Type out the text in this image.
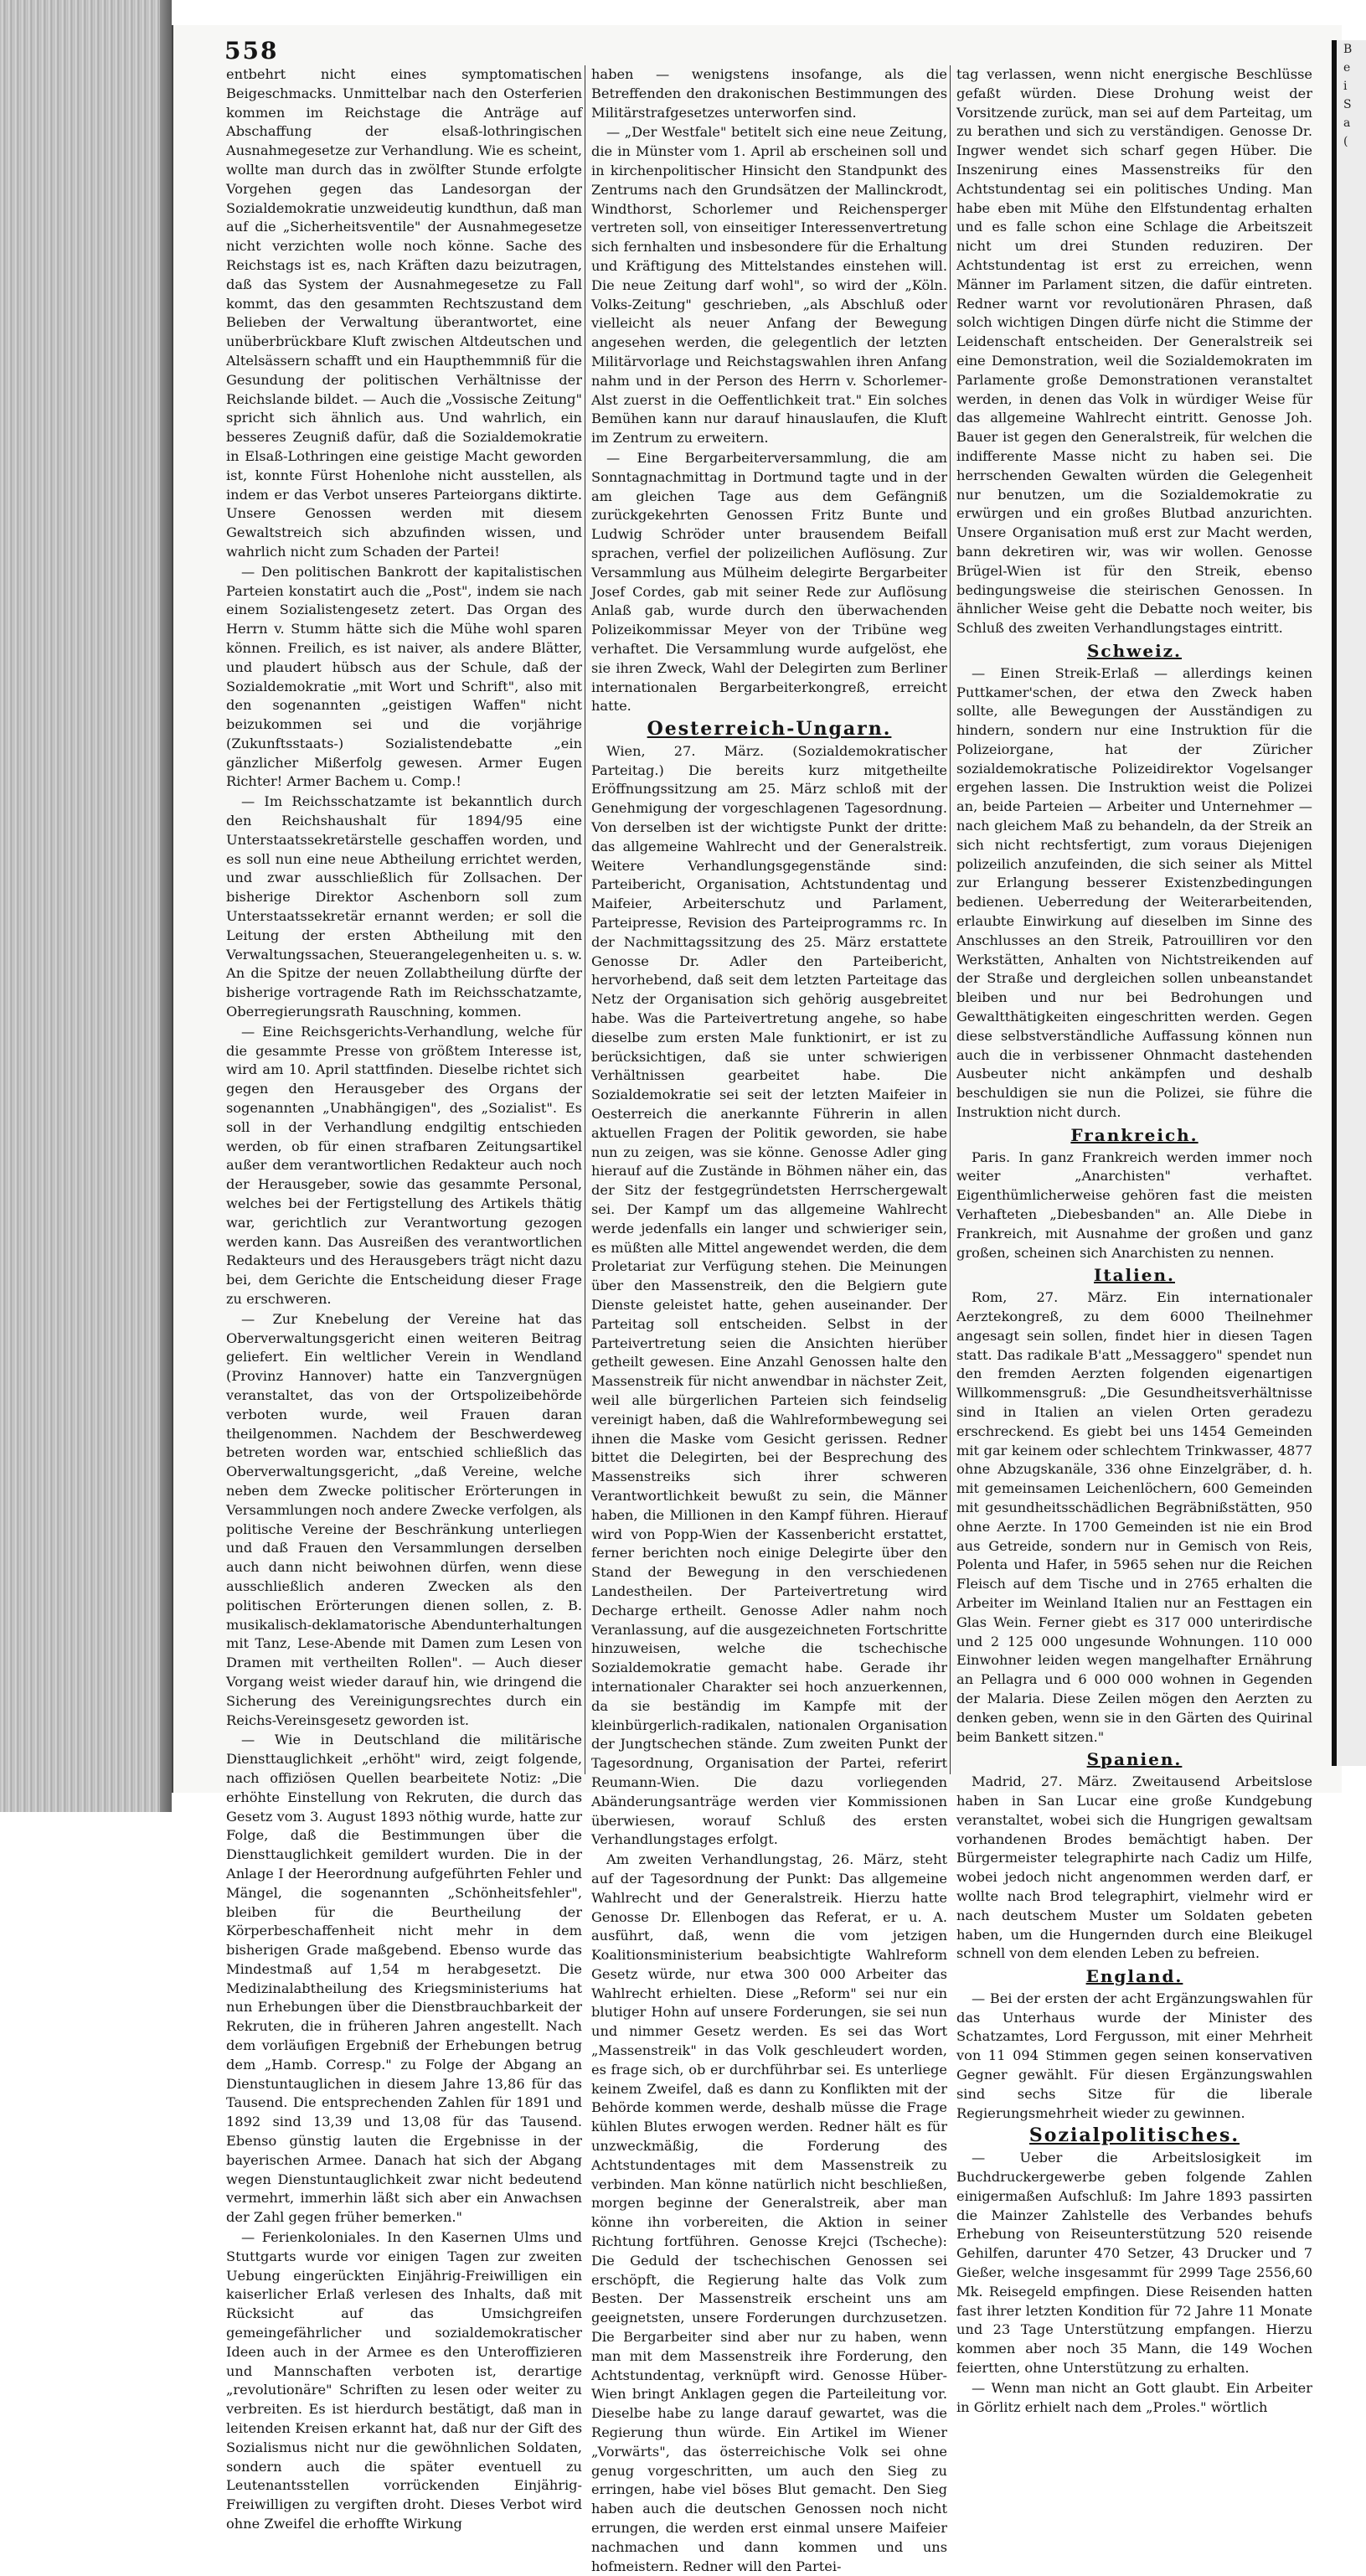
B
e
i
S
a
(
558

entbehrt nicht eines symptomatischen Beigeschmacks. Unmittelbar nach den Osterferien kommen im Reichstage die Anträge auf Abschaffung der elsaß-lothringischen Ausnahmegesetze zur Verhandlung. Wie es scheint, wollte man durch das in zwölfter Stunde erfolgte Vorgehen gegen das Landesorgan der Sozialdemokratie unzweideutig kundthun, daß man auf die „Sicherheitsventile" der Ausnahmegesetze nicht verzichten wolle noch könne. Sache des Reichstags ist es, nach Kräften dazu beizutragen, daß das System der Ausnahmegesetze zu Fall kommt, das den gesammten Rechtszustand dem Belieben der Verwaltung überantwortet, eine unüberbrückbare Kluft zwischen Altdeutschen und Altelsässern schafft und ein Haupthemmniß für die Gesundung der politischen Verhältnisse der Reichslande bildet. — Auch die „Vossische Zeitung" spricht sich ähnlich aus. Und wahrlich, ein besseres Zeugniß dafür, daß die Sozialdemokratie in Elsaß-Lothringen eine geistige Macht geworden ist, konnte Fürst Hohenlohe nicht ausstellen, als indem er das Verbot unseres Parteiorgans diktirte. Unsere Genossen werden mit diesem Gewaltstreich sich abzufinden wissen, und wahrlich nicht zum Schaden der Partei!

— Den politischen Bankrott der kapitalistischen Parteien konstatirt auch die „Post", indem sie nach einem Sozialistengesetz zetert. Das Organ des Herrn v. Stumm hätte sich die Mühe wohl sparen können. Freilich, es ist naiver, als andere Blätter, und plaudert hübsch aus der Schule, daß der Sozialdemokratie „mit Wort und Schrift", also mit den sogenannten „geistigen Waffen" nicht beizukommen sei und die vorjährige (Zukunftsstaats-) Sozialistendebatte „ein gänzlicher Mißerfolg gewesen. Armer Eugen Richter! Armer Bachem u. Comp.!

— Im Reichsschatzamte ist bekanntlich durch den Reichshaushalt für 1894/95 eine Unterstaatssekretärstelle geschaffen worden, und es soll nun eine neue Abtheilung errichtet werden, und zwar ausschließlich für Zollsachen. Der bisherige Direktor Aschenborn soll zum Unterstaatssekretär ernannt werden; er soll die Leitung der ersten Abtheilung mit den Verwaltungssachen, Steuerangelegenheiten u. s. w. An die Spitze der neuen Zollabtheilung dürfte der bisherige vortragende Rath im Reichsschatzamte, Oberregierungsrath Rauschning, kommen.

— Eine Reichsgerichts-Verhandlung, welche für die gesammte Presse von größtem Interesse ist, wird am 10. April stattfinden. Dieselbe richtet sich gegen den Herausgeber des Organs der sogenannten „Unabhängigen", des „Sozialist". Es soll in der Verhandlung endgiltig entschieden werden, ob für einen strafbaren Zeitungsartikel außer dem verantwortlichen Redakteur auch noch der Herausgeber, sowie das gesammte Personal, welches bei der Fertigstellung des Artikels thätig war, gerichtlich zur Verantwortung gezogen werden kann. Das Ausreißen des verantwortlichen Redakteurs und des Herausgebers trägt nicht dazu bei, dem Gerichte die Entscheidung dieser Frage zu erschweren.

— Zur Knebelung der Vereine hat das Oberverwaltungsgericht einen weiteren Beitrag geliefert. Ein weltlicher Verein in Wendland (Provinz Hannover) hatte ein Tanzvergnügen veranstaltet, das von der Ortspolizeibehörde verboten wurde, weil Frauen daran theilgenommen. Nachdem der Beschwerdeweg betreten worden war, entschied schließlich das Oberverwaltungsgericht, „daß Vereine, welche neben dem Zwecke politischer Erörterungen in Versammlungen noch andere Zwecke verfolgen, als politische Vereine der Beschränkung unterliegen und daß Frauen den Versammlungen derselben auch dann nicht beiwohnen dürfen, wenn diese ausschließlich anderen Zwecken als den politischen Erörterungen dienen sollen, z. B. musikalisch-deklamatorische Abendunterhaltungen mit Tanz, Lese-Abende mit Damen zum Lesen von Dramen mit vertheilten Rollen". — Auch dieser Vorgang weist wieder darauf hin, wie dringend die Sicherung des Vereinigungsrechtes durch ein Reichs-Vereinsgesetz geworden ist.

— Wie in Deutschland die militärische Diensttauglichkeit „erhöht" wird, zeigt folgende, nach offiziösen Quellen bearbeitete Notiz: „Die erhöhte Einstellung von Rekruten, die durch das Gesetz vom 3. August 1893 nöthig wurde, hatte zur Folge, daß die Bestimmungen über die Diensttauglichkeit gemildert wurden. Die in der Anlage I der Heerordnung aufgeführten Fehler und Mängel, die sogenannten „Schönheitsfehler", bleiben für die Beurtheilung der Körperbeschaffenheit nicht mehr in dem bisherigen Grade maßgebend. Ebenso wurde das Mindestmaß auf 1,54 m herabgesetzt. Die Medizinalabtheilung des Kriegsministeriums hat nun Erhebungen über die Dienstbrauchbarkeit der Rekruten, die in früheren Jahren angestellt. Nach dem vorläufigen Ergebniß der Erhebungen betrug dem „Hamb. Corresp." zu Folge der Abgang an Dienstuntauglichen in diesem Jahre 13,86 für das Tausend. Die entsprechenden Zahlen für 1891 und 1892 sind 13,39 und 13,08 für das Tausend. Ebenso günstig lauten die Ergebnisse in der bayerischen Armee. Danach hat sich der Abgang wegen Dienstuntauglichkeit zwar nicht bedeutend vermehrt, immerhin läßt sich aber ein Anwachsen der Zahl gegen früher bemerken."

— Ferienkoloniales. In den Kasernen Ulms und Stuttgarts wurde vor einigen Tagen zur zweiten Uebung eingerückten Einjährig-Freiwilligen ein kaiserlicher Erlaß verlesen des Inhalts, daß mit Rücksicht auf das Umsichgreifen gemeingefährlicher und sozialdemokratischer Ideen auch in der Armee es den Unteroffizieren und Mannschaften verboten ist, derartige „revolutionäre" Schriften zu lesen oder weiter zu verbreiten. Es ist hierdurch bestätigt, daß man in leitenden Kreisen erkannt hat, daß nur der Gift des Sozialismus nicht nur die gewöhnlichen Soldaten, sondern auch die später eventuell zu Leutenantsstellen vorrückenden Einjährig-Freiwilligen zu vergiften droht. Dieses Verbot wird ohne Zweifel die erhoffte Wirkung

haben — wenigstens insofange, als die Betreffenden den drakonischen Bestimmungen des Militärstrafgesetzes unterworfen sind.

— „Der Westfale" betitelt sich eine neue Zeitung, die in Münster vom 1. April ab erscheinen soll und in kirchenpolitischer Hinsicht den Standpunkt des Zentrums nach den Grundsätzen der Mallinckrodt, Windthorst, Schorlemer und Reichensperger vertreten soll, von einseitiger Interessenvertretung sich fernhalten und insbesondere für die Erhaltung und Kräftigung des Mittelstandes einstehen will. Die neue Zeitung darf wohl", so wird der „Köln. Volks-Zeitung" geschrieben, „als Abschluß oder vielleicht als neuer Anfang der Bewegung angesehen werden, die gelegentlich der letzten Militärvorlage und Reichstagswahlen ihren Anfang nahm und in der Person des Herrn v. Schorlemer-Alst zuerst in die Oeffentlichkeit trat." Ein solches Bemühen kann nur darauf hinauslaufen, die Kluft im Zentrum zu erweitern.

— Eine Bergarbeiterversammlung, die am Sonntagnachmittag in Dortmund tagte und in der am gleichen Tage aus dem Gefängniß zurückgekehrten Genossen Fritz Bunte und Ludwig Schröder unter brausendem Beifall sprachen, verfiel der polizeilichen Auflösung. Zur Versammlung aus Mülheim delegirte Bergarbeiter Josef Cordes, gab mit seiner Rede zur Auflösung Anlaß gab, wurde durch den überwachenden Polizeikommissar Meyer von der Tribüne weg verhaftet. Die Versammlung wurde aufgelöst, ehe sie ihren Zweck, Wahl der Delegirten zum Berliner internationalen Bergarbeiterkongreß, erreicht hatte.

Oesterreich-Ungarn.

Wien, 27. März. (Sozialdemokratischer Parteitag.) Die bereits kurz mitgetheilte Eröffnungssitzung am 25. März schloß mit der Genehmigung der vorgeschlagenen Tagesordnung. Von derselben ist der wichtigste Punkt der dritte: das allgemeine Wahlrecht und der Generalstreik. Weitere Verhandlungsgegenstände sind: Parteibericht, Organisation, Achtstundentag und Maifeier, Arbeiterschutz und Parlament, Parteipresse, Revision des Parteiprogramms rc. In der Nachmittagssitzung des 25. März erstattete Genosse Dr. Adler den Parteibericht, hervorhebend, daß seit dem letzten Parteitage das Netz der Organisation sich gehörig ausgebreitet habe. Was die Parteivertretung angehe, so habe dieselbe zum ersten Male funktionirt, er ist zu berücksichtigen, daß sie unter schwierigen Verhältnissen gearbeitet habe. Die Sozialdemokratie sei seit der letzten Maifeier in Oesterreich die anerkannte Führerin in allen aktuellen Fragen der Politik geworden, sie habe nun zu zeigen, was sie könne. Genosse Adler ging hierauf auf die Zustände in Böhmen näher ein, das der Sitz der festgegründetsten Herrschergewalt sei. Der Kampf um das allgemeine Wahlrecht werde jedenfalls ein langer und schwieriger sein, es müßten alle Mittel angewendet werden, die dem Proletariat zur Verfügung stehen. Die Meinungen über den Massenstreik, den die Belgiern gute Dienste geleistet hatte, gehen auseinander. Der Parteitag soll entscheiden. Selbst in der Parteivertretung seien die Ansichten hierüber getheilt gewesen. Eine Anzahl Genossen halte den Massenstreik für nicht anwendbar in nächster Zeit, weil alle bürgerlichen Parteien sich feindselig vereinigt haben, daß die Wahlreformbewegung sei ihnen die Maske vom Gesicht gerissen. Redner bittet die Delegirten, bei der Besprechung des Massenstreiks sich ihrer schweren Verantwortlichkeit bewußt zu sein, die Männer haben, die Millionen in den Kampf führen. Hierauf wird von Popp-Wien der Kassenbericht erstattet, ferner berichten noch einige Delegirte über den Stand der Bewegung in den verschiedenen Landestheilen. Der Parteivertretung wird Decharge ertheilt. Genosse Adler nahm noch Veranlassung, auf die ausgezeichneten Fortschritte hinzuweisen, welche die tschechische Sozialdemokratie gemacht habe. Gerade ihr internationaler Charakter sei hoch anzuerkennen, da sie beständig im Kampfe mit der kleinbürgerlich-radikalen, nationalen Organisation der Jungtschechen stände. Zum zweiten Punkt der Tagesordnung, Organisation der Partei, referirt Reumann-Wien. Die dazu vorliegenden Abänderungsanträge werden vier Kommissionen überwiesen, worauf Schluß des ersten Verhandlungstages erfolgt.

Am zweiten Verhandlungstag, 26. März, steht auf der Tagesordnung der Punkt: Das allgemeine Wahlrecht und der Generalstreik. Hierzu hatte Genosse Dr. Ellenbogen das Referat, er u. A. ausführt, daß, wenn die vom jetzigen Koalitionsministerium beabsichtigte Wahlreform Gesetz würde, nur etwa 300 000 Arbeiter das Wahlrecht erhielten. Diese „Reform" sei nur ein blutiger Hohn auf unsere Forderungen, sie sei nun und nimmer Gesetz werden. Es sei das Wort „Massenstreik" in das Volk geschleudert worden, es frage sich, ob er durchführbar sei. Es unterliege keinem Zweifel, daß es dann zu Konflikten mit der Behörde kommen werde, deshalb müsse die Frage kühlen Blutes erwogen werden. Redner hält es für unzweckmäßig, die Forderung des Achtstundentages mit dem Massenstreik zu verbinden. Man könne natürlich nicht beschließen, morgen beginne der Generalstreik, aber man könne ihn vorbereiten, die Aktion in seiner Richtung fortführen. Genosse Krejci (Tscheche): Die Geduld der tschechischen Genossen sei erschöpft, die Regierung halte das Volk zum Besten. Der Massenstreik erscheint uns am geeignetsten, unsere Forderungen durchzusetzen. Die Bergarbeiter sind aber nur zu haben, wenn man mit dem Massenstreik ihre Forderung, den Achtstundentag, verknüpft wird. Genosse Hüber-Wien bringt Anklagen gegen die Parteileitung vor. Dieselbe habe zu lange darauf gewartet, was die Regierung thun würde. Ein Artikel im Wiener „Vorwärts", das österreichische Volk sei ohne genug vorgeschritten, um auch den Sieg zu erringen, habe viel böses Blut gemacht. Den Sieg haben auch die deutschen Genossen noch nicht errungen, die werden erst einmal unsere Maifeier nachmachen und dann kommen und uns hofmeistern. Redner will den Partei-

tag verlassen, wenn nicht energische Beschlüsse gefaßt würden. Diese Drohung weist der Vorsitzende zurück, man sei auf dem Parteitag, um zu berathen und sich zu verständigen. Genosse Dr. Ingwer wendet sich scharf gegen Hüber. Die Inszenirung eines Massenstreiks für den Achtstundentag sei ein politisches Unding. Man habe eben mit Mühe den Elfstundentag erhalten und es falle schon eine Schlage die Arbeitszeit nicht um drei Stunden reduziren. Der Achtstundentag ist erst zu erreichen, wenn Männer im Parlament sitzen, die dafür eintreten. Redner warnt vor revolutionären Phrasen, daß solch wichtigen Dingen dürfe nicht die Stimme der Leidenschaft entscheiden. Der Generalstreik sei eine Demonstration, weil die Sozialdemokraten im Parlamente große Demonstrationen veranstaltet werden, in denen das Volk in würdiger Weise für das allgemeine Wahlrecht eintritt. Genosse Joh. Bauer ist gegen den Generalstreik, für welchen die indifferente Masse nicht zu haben sei. Die herrschenden Gewalten würden die Gelegenheit nur benutzen, um die Sozialdemokratie zu erwürgen und ein großes Blutbad anzurichten. Unsere Organisation muß erst zur Macht werden, bann dekretiren wir, was wir wollen. Genosse Brügel-Wien ist für den Streik, ebenso bedingungsweise die steirischen Genossen. In ähnlicher Weise geht die Debatte noch weiter, bis Schluß des zweiten Verhandlungstages eintritt.

Schweiz.

— Einen Streik-Erlaß — allerdings keinen Puttkamer'schen, der etwa den Zweck haben sollte, alle Bewegungen der Ausständigen zu hindern, sondern nur eine Instruktion für die Polizeiorgane, hat der Züricher sozialdemokratische Polizeidirektor Vogelsanger ergehen lassen. Die Instruktion weist die Polizei an, beide Parteien — Arbeiter und Unternehmer — nach gleichem Maß zu behandeln, da der Streik an sich nicht rechtsfertigt, zum voraus Diejenigen polizeilich anzufeinden, die sich seiner als Mittel zur Erlangung besserer Existenzbedingungen bedienen. Ueberredung der Weiterarbeitenden, erlaubte Einwirkung auf dieselben im Sinne des Anschlusses an den Streik, Patrouilliren vor den Werkstätten, Anhalten von Nichtstreikenden auf der Straße und dergleichen sollen unbeanstandet bleiben und nur bei Bedrohungen und Gewaltthätigkeiten eingeschritten werden. Gegen diese selbstverständliche Auffassung können nun auch die in verbissener Ohnmacht dastehenden Ausbeuter nicht ankämpfen und deshalb beschuldigen sie nun die Polizei, sie führe die Instruktion nicht durch.

Frankreich.

Paris. In ganz Frankreich werden immer noch weiter „Anarchisten" verhaftet. Eigenthümlicherweise gehören fast die meisten Verhafteten „Diebesbanden" an. Alle Diebe in Frankreich, mit Ausnahme der großen und ganz großen, scheinen sich Anarchisten zu nennen.

Italien.

Rom, 27. März. Ein internationaler Aerztekongreß, zu dem 6000 Theilnehmer angesagt sein sollen, findet hier in diesen Tagen statt. Das radikale B'att „Messaggero" spendet nun den fremden Aerzten folgenden eigenartigen Willkommensgruß: „Die Gesundheitsverhältnisse sind in Italien an vielen Orten geradezu erschreckend. Es giebt bei uns 1454 Gemeinden mit gar keinem oder schlechtem Trinkwasser, 4877 ohne Abzugskanäle, 336 ohne Einzelgräber, d. h. mit gemeinsamen Leichenlöchern, 600 Gemeinden mit gesundheitsschädlichen Begräbnißstätten, 950 ohne Aerzte. In 1700 Gemeinden ist nie ein Brod aus Getreide, sondern nur in Gemisch von Reis, Polenta und Hafer, in 5965 sehen nur die Reichen Fleisch auf dem Tische und in 2765 erhalten die Arbeiter im Weinland Italien nur an Festtagen ein Glas Wein. Ferner giebt es 317 000 unterirdische und 2 125 000 ungesunde Wohnungen. 110 000 Einwohner leiden wegen mangelhafter Ernährung an Pellagra und 6 000 000 wohnen in Gegenden der Malaria. Diese Zeilen mögen den Aerzten zu denken geben, wenn sie in den Gärten des Quirinal beim Bankett sitzen."

Spanien.

Madrid, 27. März. Zweitausend Arbeitslose haben in San Lucar eine große Kundgebung veranstaltet, wobei sich die Hungrigen gewaltsam vorhandenen Brodes bemächtigt haben. Der Bürgermeister telegraphirte nach Cadiz um Hilfe, wobei jedoch nicht angenommen werden darf, er wollte nach Brod telegraphirt, vielmehr wird er nach deutschem Muster um Soldaten gebeten haben, um die Hungernden durch eine Bleikugel schnell von dem elenden Leben zu befreien.

England.

— Bei der ersten der acht Ergänzungswahlen für das Unterhaus wurde der Minister des Schatzamtes, Lord Fergusson, mit einer Mehrheit von 11 094 Stimmen gegen seinen konservativen Gegner gewählt. Für diesen Ergänzungswahlen sind sechs Sitze für die liberale Regierungsmehrheit wieder zu gewinnen.

Sozialpolitisches.

— Ueber die Arbeitslosigkeit im Buchdruckergewerbe geben folgende Zahlen einigermaßen Aufschluß: Im Jahre 1893 passirten die Mainzer Zahlstelle des Verbandes behufs Erhebung von Reiseunterstützung 520 reisende Gehilfen, darunter 470 Setzer, 43 Drucker und 7 Gießer, welche insgesammt für 2999 Tage 2556,60 Mk. Reisegeld empfingen. Diese Reisenden hatten fast ihrer letzten Kondition für 72 Jahre 11 Monate und 23 Tage Unterstützung empfangen. Hierzu kommen aber noch 35 Mann, die 149 Wochen feiertten, ohne Unterstützung zu erhalten.

— Wenn man nicht an Gott glaubt. Ein Arbeiter in Görlitz erhielt nach dem „Proles." wörtlich
